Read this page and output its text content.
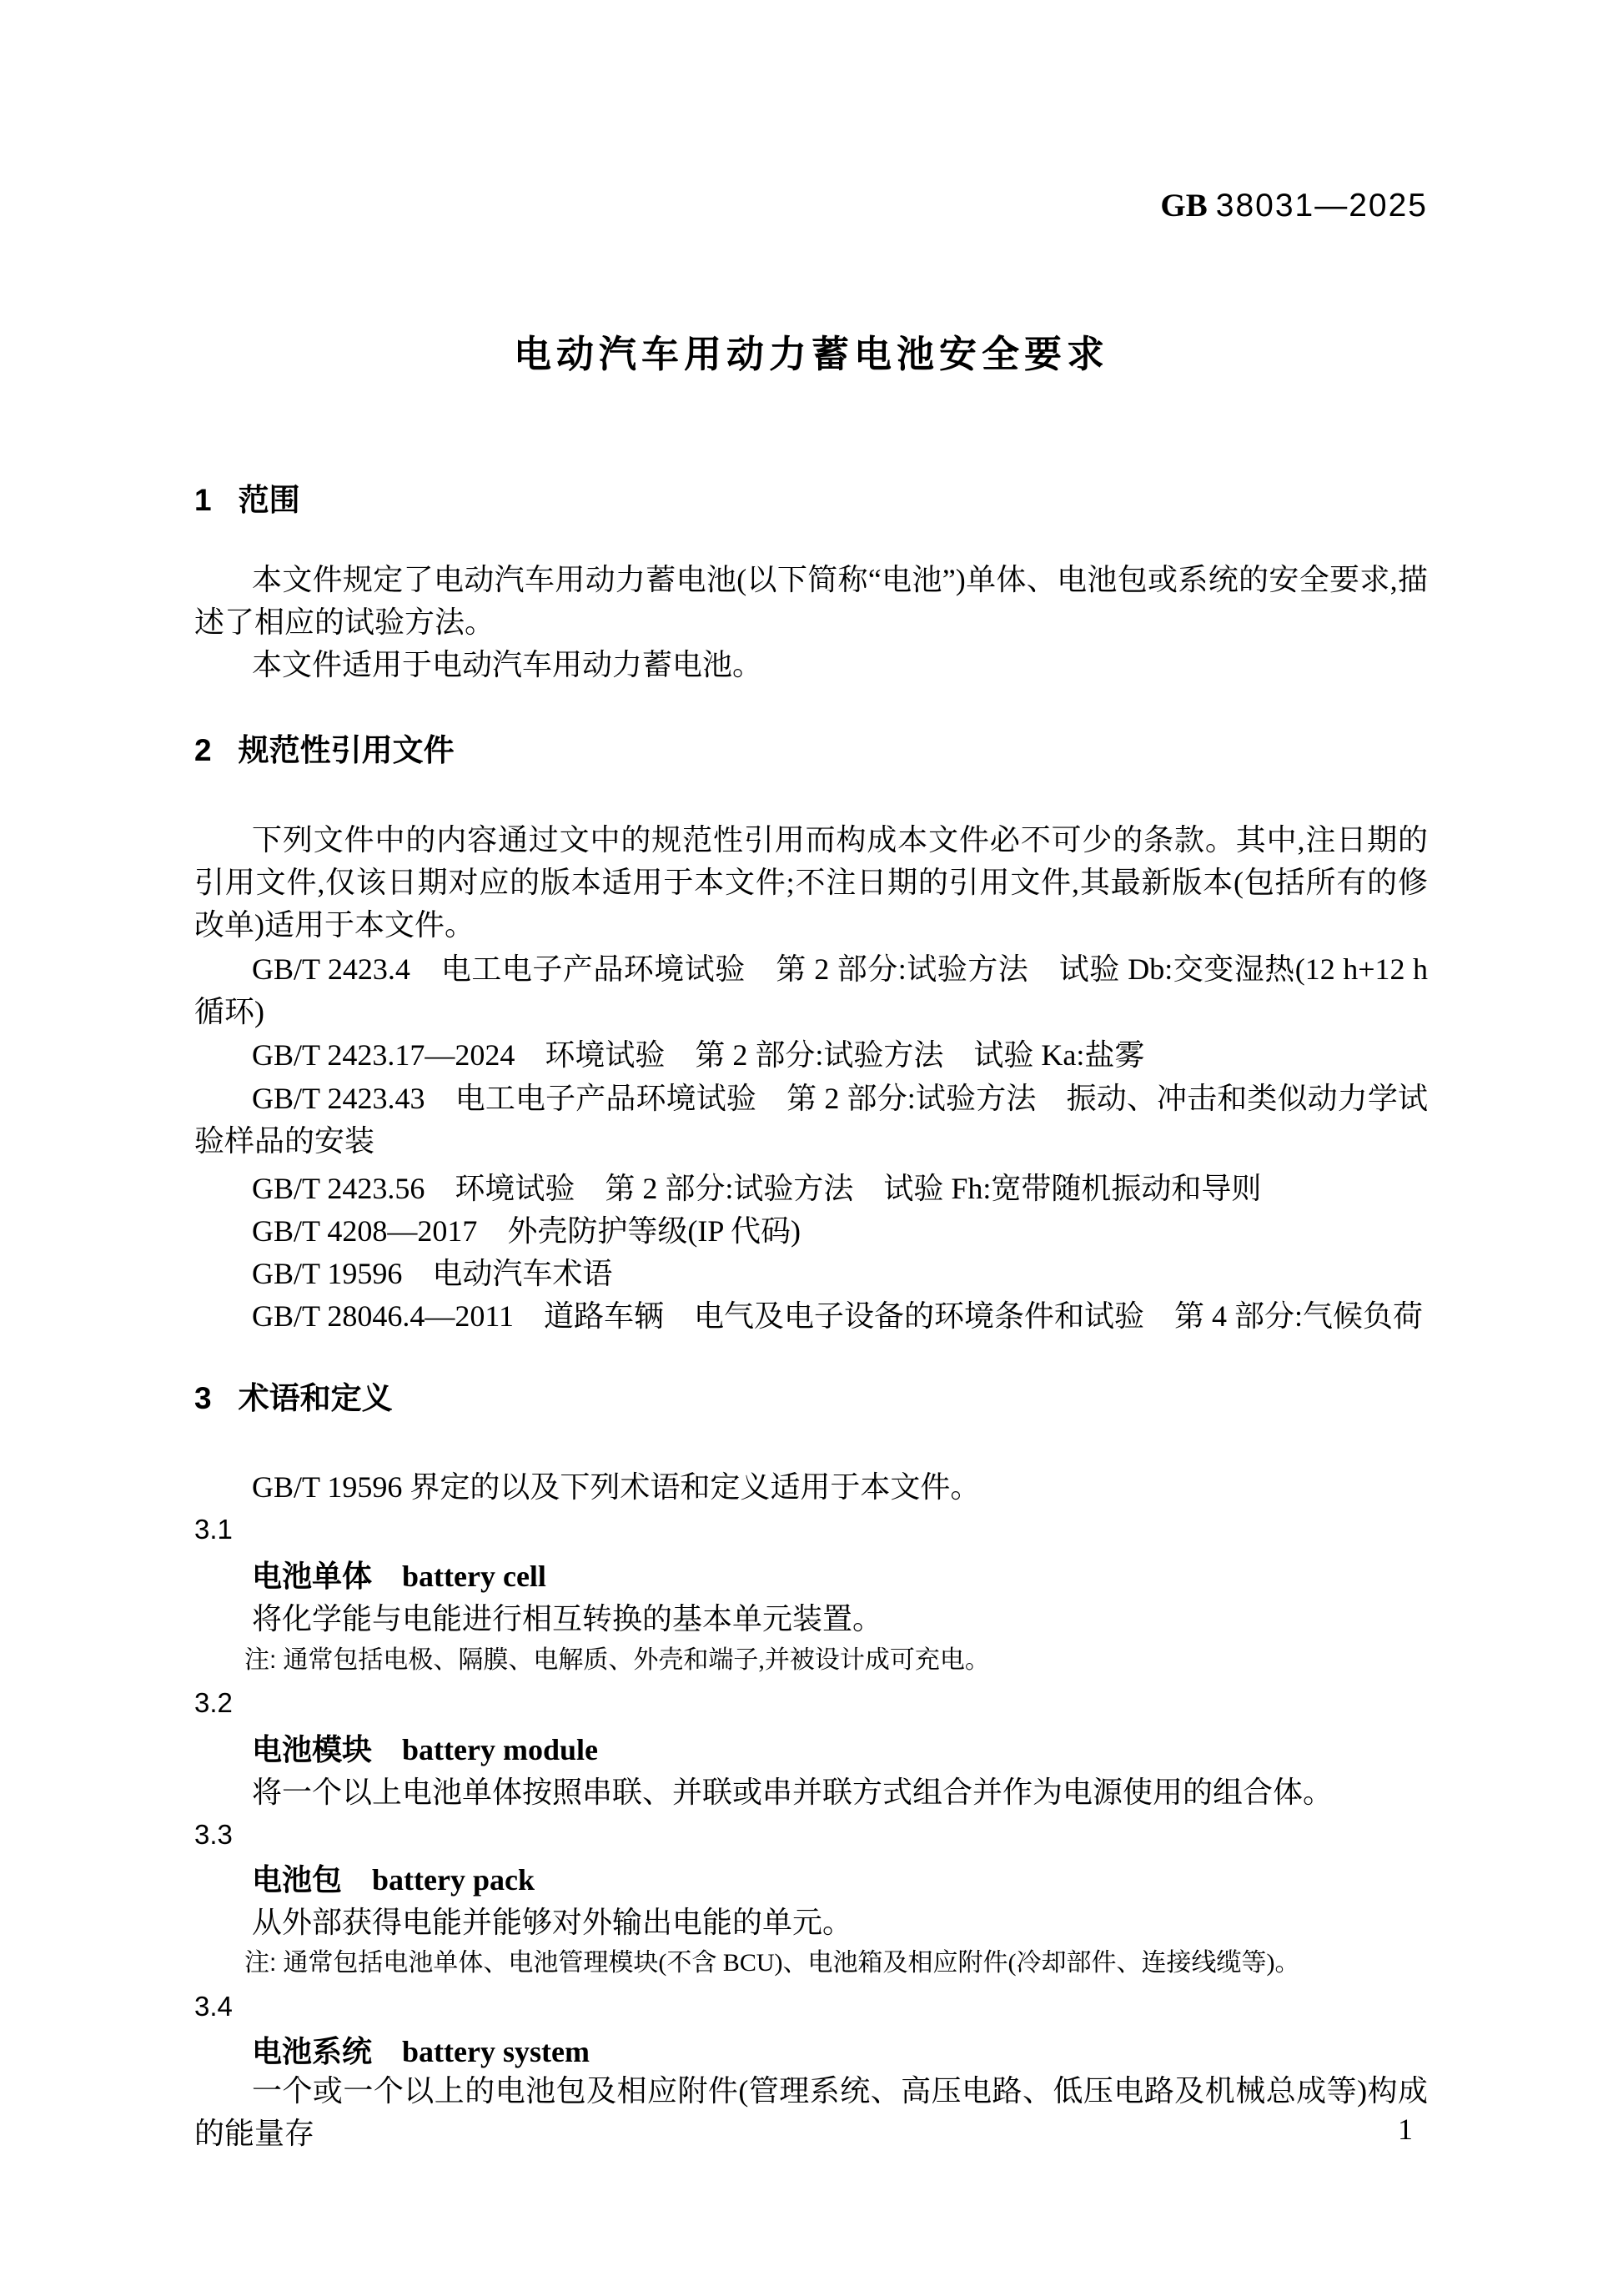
GB 38031—2025
电动汽车用动力蓄电池安全要求
1 范围

本文件规定了电动汽车用动力蓄电池(以下简称“电池”)单体、电池包或系统的安全要求,描述了相应的试验方法。

本文件适用于电动汽车用动力蓄电池。

2 规范性引用文件

下列文件中的内容通过文中的规范性引用而构成本文件必不可少的条款。其中,注日期的引用文件,仅该日期对应的版本适用于本文件;不注日期的引用文件,其最新版本(包括所有的修改单)适用于本文件。

GB/T 2423.4　电工电子产品环境试验　第 2 部分:试验方法　试验 Db:交变湿热(12 h+12 h 循环)

GB/T 2423.17—2024　环境试验　第 2 部分:试验方法　试验 Ka:盐雾

GB/T 2423.43　电工电子产品环境试验　第 2 部分:试验方法　振动、冲击和类似动力学试验样品的安装

GB/T 2423.56　环境试验　第 2 部分:试验方法　试验 Fh:宽带随机振动和导则

GB/T 4208—2017　外壳防护等级(IP 代码)

GB/T 19596　电动汽车术语

GB/T 28046.4—2011　道路车辆　电气及电子设备的环境条件和试验　第 4 部分:气候负荷

3 术语和定义

GB/T 19596 界定的以及下列术语和定义适用于本文件。

3.1
电池单体 battery cell

将化学能与电能进行相互转换的基本单元装置。

注: 通常包括电极、隔膜、电解质、外壳和端子,并被设计成可充电。

3.2
电池模块 battery module

将一个以上电池单体按照串联、并联或串并联方式组合并作为电源使用的组合体。

3.3
电池包 battery pack

从外部获得电能并能够对外输出电能的单元。

注: 通常包括电池单体、电池管理模块(不含 BCU)、电池箱及相应附件(冷却部件、连接线缆等)。

3.4
电池系统 battery system

一个或一个以上的电池包及相应附件(管理系统、高压电路、低压电路及机械总成等)构成的能量存	1
